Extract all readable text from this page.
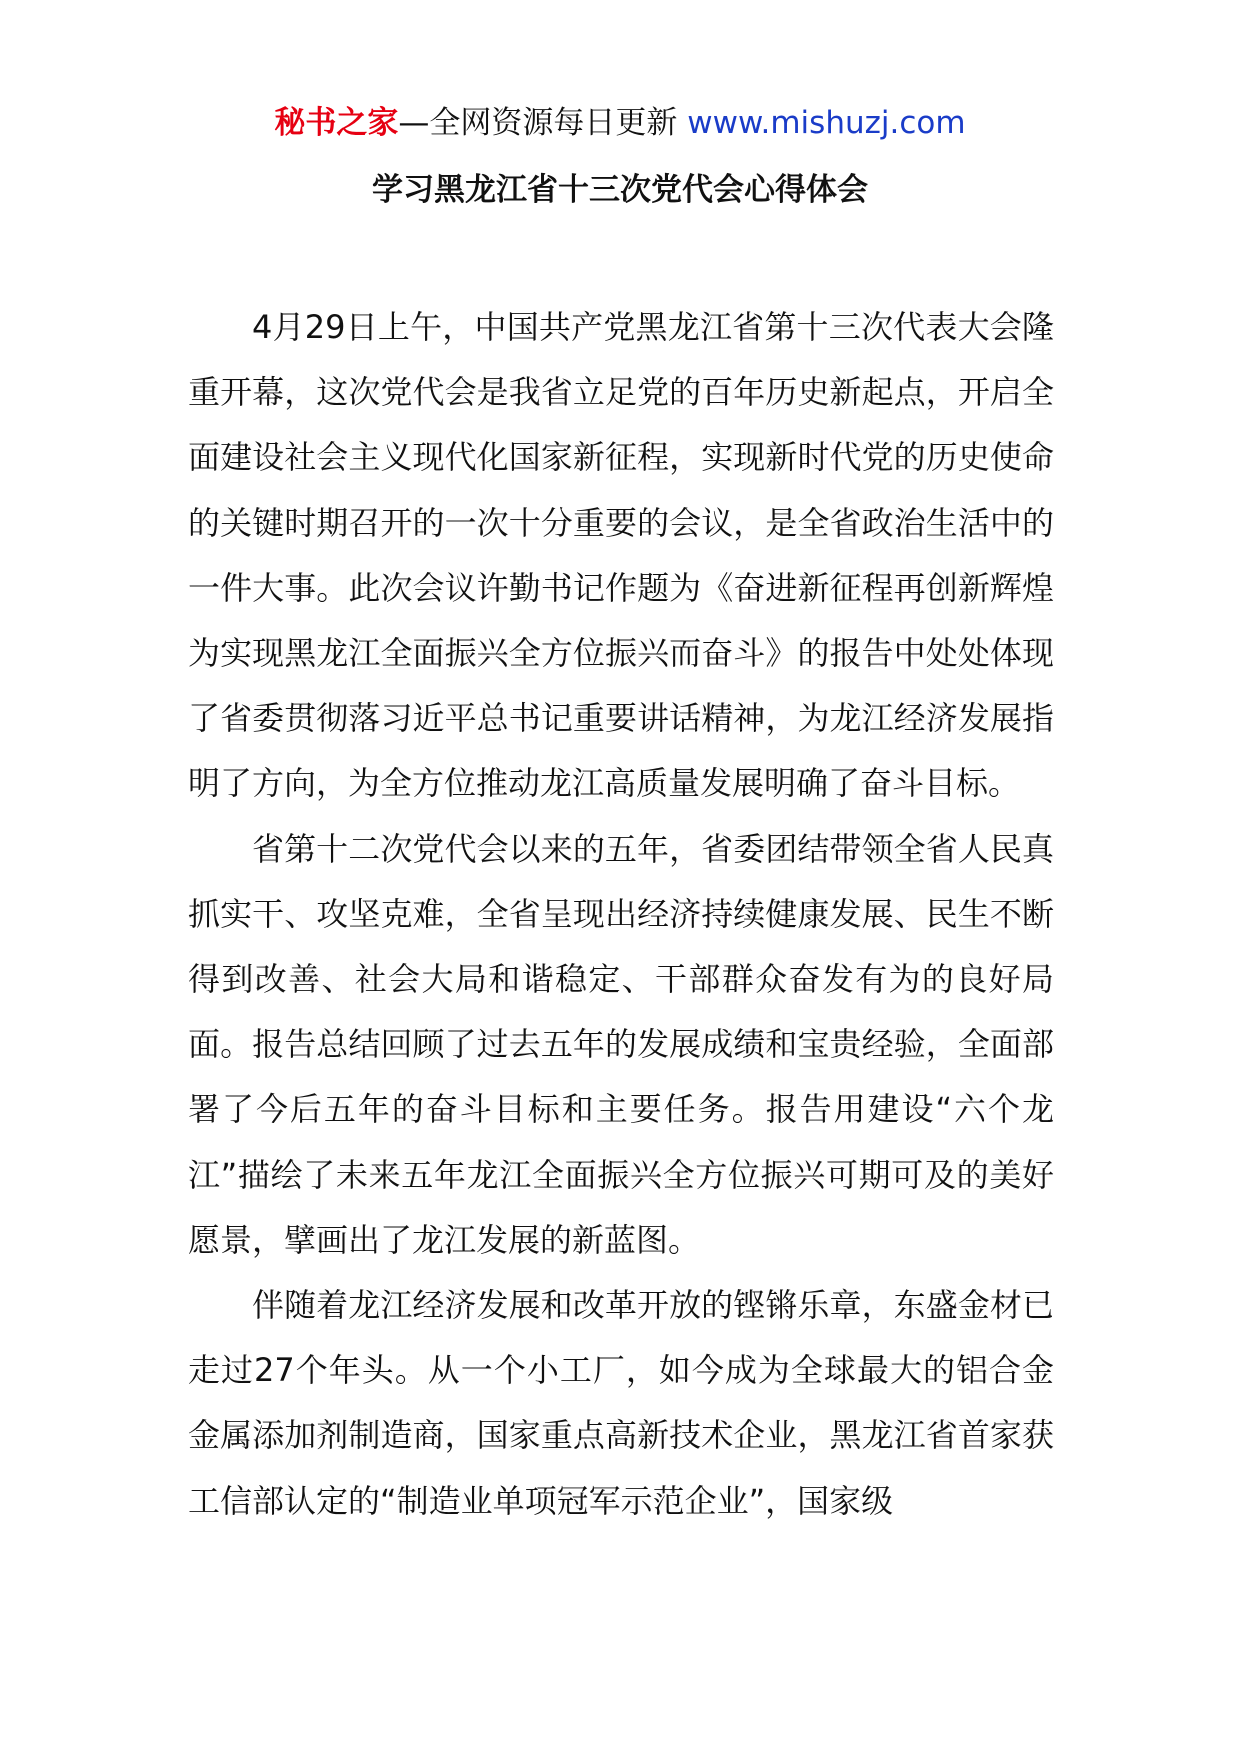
秘书之家—全网资源每日更新 www.mishuzj.com
学习黑龙江省十三次党代会心得体会

4月29日上午，中国共产党黑龙江省第十三次代表大会隆重开幕，这次党代会是我省立足党的百年历史新起点，开启全面建设社会主义现代化国家新征程，实现新时代党的历史使命的关键时期召开的一次十分重要的会议，是全省政治生活中的一件大事。此次会议许勤书记作题为《奋进新征程再创新辉煌 为实现黑龙江全面振兴全方位振兴而奋斗》的报告中处处体现了省委贯彻落习近平总书记重要讲话精神，为龙江经济发展指明了方向，为全方位推动龙江高质量发展明确了奋斗目标。

省第十二次党代会以来的五年，省委团结带领全省人民真抓实干、攻坚克难，全省呈现出经济持续健康发展、民生不断得到改善、社会大局和谐稳定、干部群众奋发有为的良好局面。报告总结回顾了过去五年的发展成绩和宝贵经验，全面部署了今后五年的奋斗目标和主要任务。报告用建设“六个龙江”描绘了未来五年龙江全面振兴全方位振兴可期可及的美好愿景，擘画出了龙江发展的新蓝图。

伴随着龙江经济发展和改革开放的铿锵乐章，东盛金材已走过27个年头。从一个小工厂，如今成为全球最大的铝合金金属添加剂制造商，国家重点高新技术企业，黑龙江省首家获工信部认定的“制造业单项冠军示范企业”，国家级
